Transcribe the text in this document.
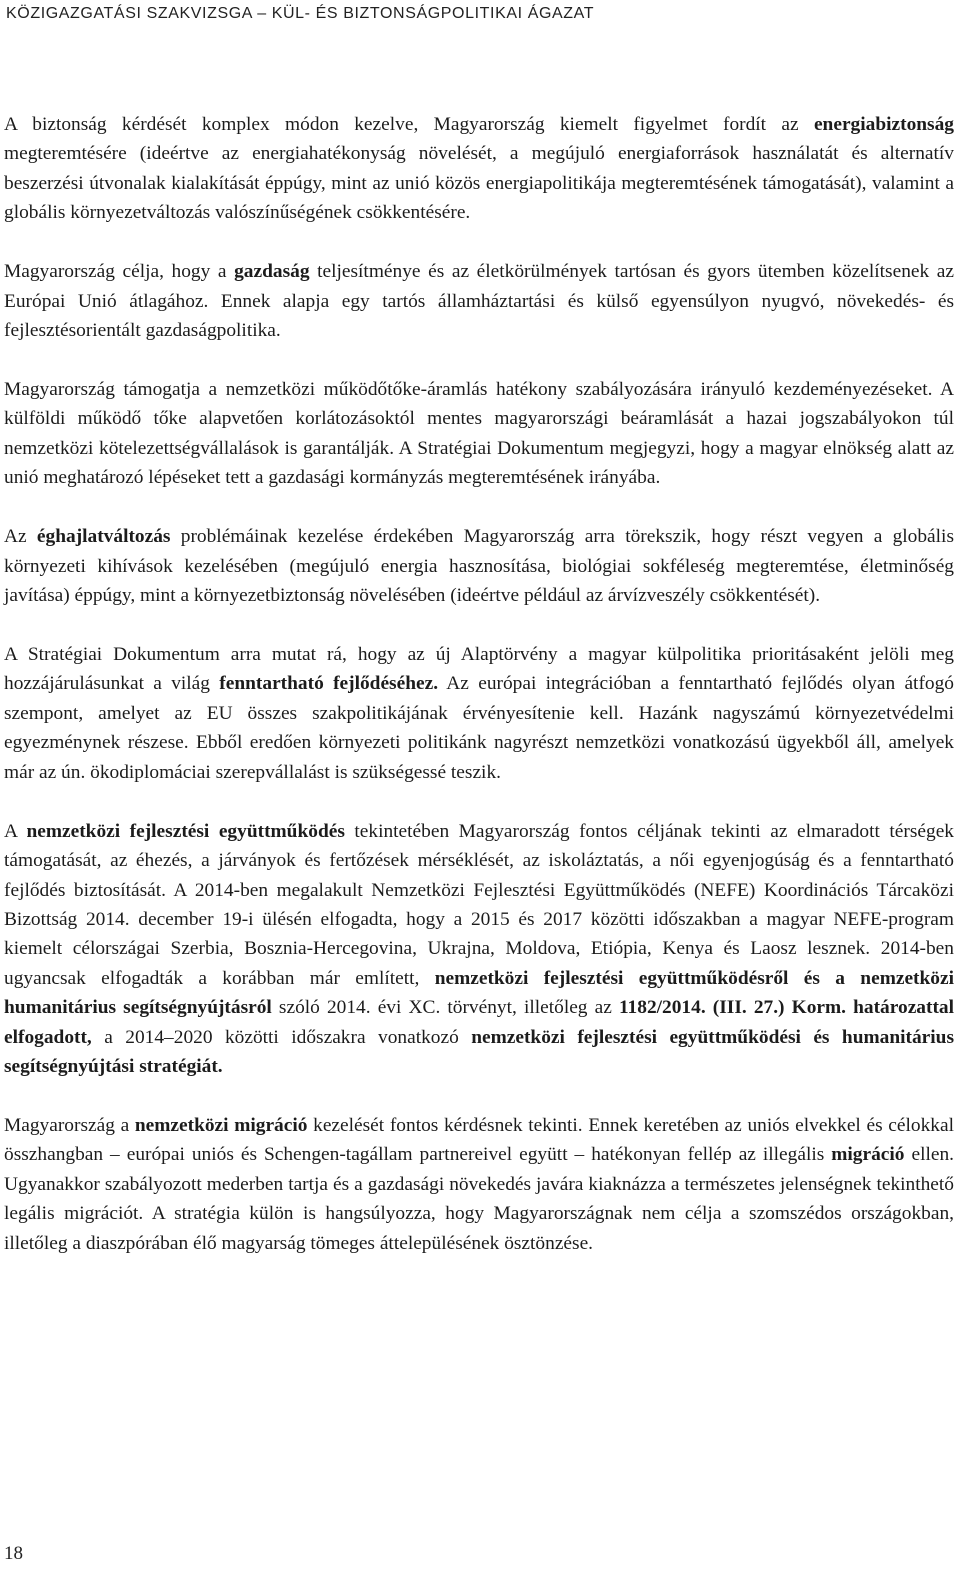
KÖZIGAZGATÁSI SZAKVIZSGA – KÜL- ÉS BIZTONSÁGPOLITIKAI ÁGAZAT

A biztonság kérdését komplex módon kezelve, Magyarország kiemelt figyelmet fordít az energiabiztonság megteremtésére (ideértve az energiahatékonyság növelését, a megújuló energiaforrások használatát és alternatív beszerzési útvonalak kialakítását éppúgy, mint az unió közös energiapolitikája megteremtésének támogatását), valamint a globális környezetváltozás valószínűségének csökkentésére.

Magyarország célja, hogy a gazdaság teljesítménye és az életkörülmények tartósan és gyors ütemben közelítsenek az Európai Unió átlagához. Ennek alapja egy tartós államháztartási és külső egyensúlyon nyugvó, növekedés- és fejlesztésorientált gazdaságpolitika.

Magyarország támogatja a nemzetközi működőtőke-áramlás hatékony szabályozására irányuló kezdeményezéseket. A külföldi működő tőke alapvetően korlátozásoktól mentes magyarországi beáramlását a hazai jogszabályokon túl nemzetközi kötelezettségvállalások is garantálják. A Stratégiai Dokumentum megjegyzi, hogy a magyar elnökség alatt az unió meghatározó lépéseket tett a gazdasági kormányzás megteremtésének irányába.

Az éghajlatváltozás problémáinak kezelése érdekében Magyarország arra törekszik, hogy részt vegyen a globális környezeti kihívások kezelésében (megújuló energia hasznosítása, biológiai sokféleség megteremtése, életminőség javítása) éppúgy, mint a környezetbiztonság növelésében (ideértve például az árvízveszély csökkentését).

A Stratégiai Dokumentum arra mutat rá, hogy az új Alaptörvény a magyar külpolitika prioritásaként jelöli meg hozzájárulásunkat a világ fenntartható fejlődéséhez. Az európai integrációban a fenntartható fejlődés olyan átfogó szempont, amelyet az EU összes szakpolitikájának érvényesítenie kell. Hazánk nagyszámú környezetvédelmi egyezménynek részese. Ebből eredően környezeti politikánk nagyrészt nemzetközi vonatkozású ügyekből áll, amelyek már az ún. ökodiplomáciai szerepvállalást is szükségessé teszik.

A nemzetközi fejlesztési együttműködés tekintetében Magyarország fontos céljának tekinti az elmaradott térségek támogatását, az éhezés, a járványok és fertőzések mérséklését, az iskoláztatás, a női egyenjogúság és a fenntartható fejlődés biztosítását. A 2014-ben megalakult Nemzetközi Fejlesztési Együttműködés (NEFE) Koordinációs Tárcaközi Bizottság 2014. december 19-i ülésén elfogadta, hogy a 2015 és 2017 közötti időszakban a magyar NEFE-program kiemelt célországai Szerbia, Bosznia-Hercegovina, Ukrajna, Moldova, Etiópia, Kenya és Laosz lesznek. 2014-ben ugyancsak elfogadták a korábban már említett, nemzetközi fejlesztési együttműködésről és a nemzetközi humanitárius segítségnyújtásról szóló 2014. évi XC. törvényt, illetőleg az 1182/2014. (III. 27.) Korm. határozattal elfogadott, a 2014–2020 közötti időszakra vonatkozó nemzetközi fejlesztési együttműködési és humanitárius segítségnyújtási stratégiát.

Magyarország a nemzetközi migráció kezelését fontos kérdésnek tekinti. Ennek keretében az uniós elvekkel és célokkal összhangban – európai uniós és Schengen-tagállam partnereivel együtt – hatékonyan fellép az illegális migráció ellen. Ugyanakkor szabályozott mederben tartja és a gazdasági növekedés javára kiaknázza a természetes jelenségnek tekinthető legális migrációt. A stratégia külön is hangsúlyozza, hogy Magyarországnak nem célja a szomszédos országokban, illetőleg a diaszpórában élő magyarság tömeges áttelepülésének ösztönzése.

18
